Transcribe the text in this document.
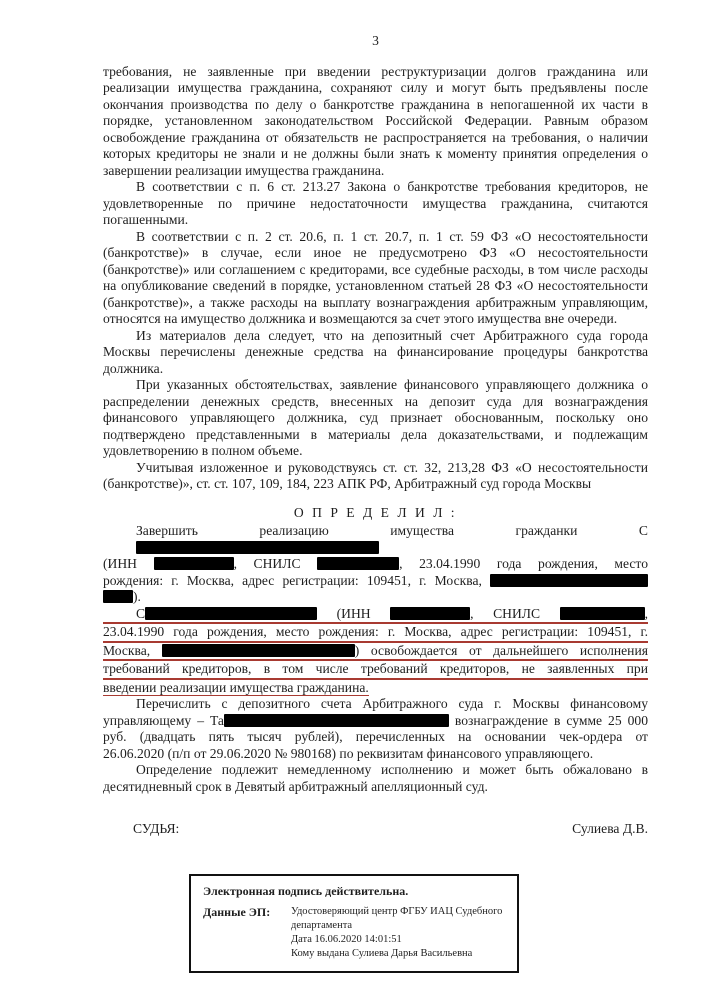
3
требования, не заявленные при введении реструктуризации долгов гражданина или реализации имущества гражданина, сохраняют силу и могут быть предъявлены после окончания производства по делу о банкротстве гражданина в непогашенной их части в порядке, установленном законодательством Российской Федерации. Равным образом освобождение гражданина от обязательств не распространяется на требования, о наличии которых кредиторы не знали и не должны были знать к моменту принятия определения о завершении реализации имущества гражданина.
В соответствии с п. 6 ст. 213.27 Закона о банкротстве требования кредиторов, не удовлетворенные по причине недостаточности имущества гражданина, считаются погашенными.
В соответствии с п. 2 ст. 20.6, п. 1 ст. 20.7, п. 1 ст. 59 ФЗ «О несостоятельности (банкротстве)» в случае, если иное не предусмотрено ФЗ «О несостоятельности (банкротстве)» или соглашением с кредиторами, все судебные расходы, в том числе расходы на опубликование сведений в порядке, установленном статьей 28 ФЗ «О несостоятельности (банкротстве)», а также расходы на выплату вознаграждения арбитражным управляющим, относятся на имущество должника и возмещаются за счет этого имущества вне очереди.
Из материалов дела следует, что на депозитный счет Арбитражного суда города Москвы перечислены денежные средства на финансирование процедуры банкротства должника.
При указанных обстоятельствах, заявление финансового управляющего должника о распределении денежных средств, внесенных на депозит суда для вознаграждения финансового управляющего должника, суд признает обоснованным, поскольку оно подтверждено представленными в материалы дела доказательствами, и подлежащим удовлетворению в полном объеме.
Учитывая изложенное и руководствуясь ст. ст. 32, 213,28 ФЗ «О несостоятельности (банкротстве)», ст. ст. 107, 109, 184, 223 АПК РФ, Арбитражный суд города Москвы
О П Р Е Д Е Л И Л :
Завершить реализацию имущества гражданки С
(ИНН	, СНИЛС	, 23.04.1990 года рождения, место
рождения: г. Москва, адрес регистрации: 109451, г. Москва,
).
С	(ИНН	, СНИЛС	,
23.04.1990 года рождения, место рождения: г. Москва, адрес регистрации: 109451, г.
Москва,	) освобождается от дальнейшего исполнения
требований кредиторов, в том числе требований кредиторов, не заявленных при
введении реализации имущества гражданина.
Перечислить с депозитного счета Арбитражного суда г. Москвы финансовому
управляющему – Та	вознаграждение в сумме 25 000
руб. (двадцать пять тысяч рублей), перечисленных на основании чек-ордера от
26.06.2020 (п/п от 29.06.2020 № 980168) по реквизитам финансового управляющего.
Определение подлежит немедленному исполнению и может быть обжаловано в десятидневный срок в Девятый арбитражный апелляционный суд.
СУДЬЯ:	Сулиева Д.В.
Электронная подпись действительна.
Данные ЭП:	Удостоверяющий центр ФГБУ ИАЦ Судебного департамента
Дата 16.06.2020 14:01:51
Кому выдана Сулиева Дарья Васильевна
